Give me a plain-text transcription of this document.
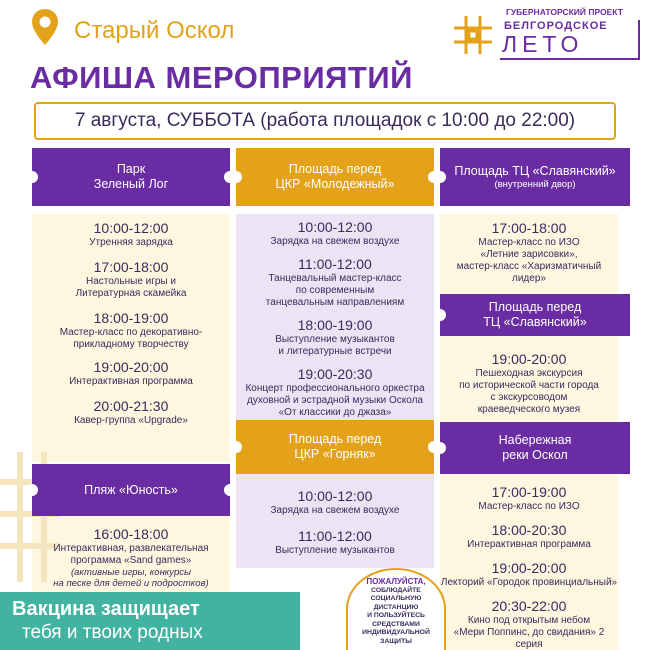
Старый Оскол
АФИША МЕРОПРИЯТИЙ
ГУБЕРНАТОРСКИЙ ПРОЕКТ
БЕЛГОРОДСКОЕ
ЛЕТО
7 августа, СУББОТА (работа площадок с 10:00 до 22:00)
Парк
Зеленый Лог
Площадь перед
ЦКР «Молодежный»
Площадь ТЦ «Славянский»
(внутренний двор)
10:00-12:00
Утренняя зарядка
17:00-18:00
Настольные игры и
Литературная скамейка
18:00-19:00
Мастер-класс по декоративно-
прикладному творчеству
19:00-20:00
Интерактивная программа
20:00-21:30
Кавер-группа «Upgrade»
10:00-12:00
Зарядка на свежем воздухе
11:00-12:00
Танцевальный мастер-класс
по современным
танцевальным направлениям
18:00-19:00
Выступление музыкантов
и литературные встречи
19:00-20:30
Концерт профессионального оркестра
духовной и эстрадной музыки Оскола
«От классики до джаза»
17:00-18:00
Мастер-класс по ИЗО
«Летние зарисовки»,
мастер-класс «Харизматичный лидер»
Площадь перед
ТЦ «Славянский»
19:00-20:00
Пешеходная экскурсия
по исторической части города
с экскурсоводом
краеведческого музея
Площадь перед
ЦКР «Горняк»
Набережная
реки Оскол
Пляж «Юность»	10:00-12:00
Зарядка на свежем воздухе
11:00-12:00
Выступление музыкантов
17:00-19:00
Мастер-класс по ИЗО
18:00-20:30
Интерактивная программа
19:00-20:00
Лекторий «Городок провинциальный»
20:30-22:00
Кино под открытым небом
«Мери Поппинс, до свидания» 2 серия
16:00-18:00
Интерактивная, развлекательная
программа «Sand games»
(активные игры, конкурсы
на песке для детей и подростков)
Вакцина защищает
тебя и твоих родных
ПОЖАЛУЙСТА,
СОБЛЮДАЙТЕ
СОЦИАЛЬНУЮ ДИСТАНЦИЮ
И ПОЛЬЗУЙТЕСЬ
СРЕДСТВАМИ
ИНДИВИДУАЛЬНОЙ
ЗАЩИТЫ
